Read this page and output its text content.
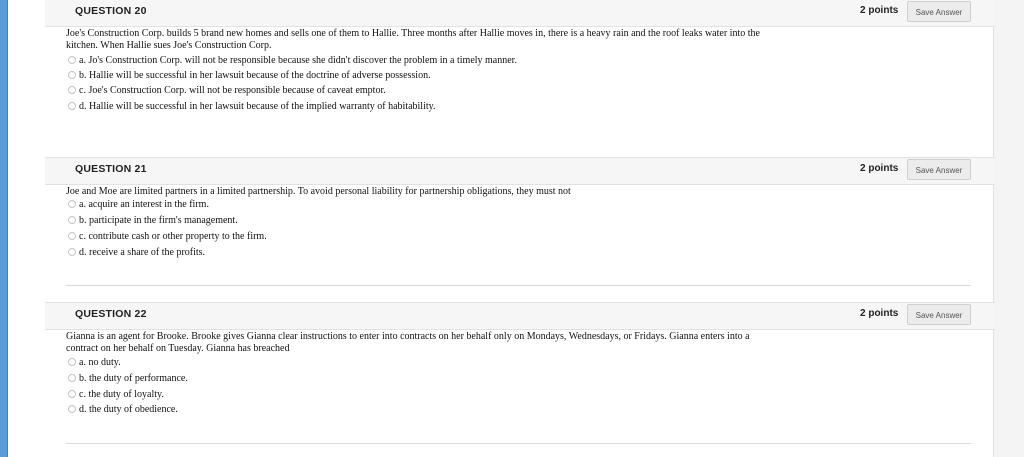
QUESTION 20	2 points	Save Answer
Joe's Construction Corp. builds 5 brand new homes and sells one of them to Hallie. Three months after Hallie moves in, there is a heavy rain and the roof leaks water into the kitchen. When Hallie sues Joe's Construction Corp.
a. Jo's Construction Corp. will not be responsible because she didn't discover the problem in a timely manner.
b. Hallie will be successful in her lawsuit because of the doctrine of adverse possession.
c. Joe's Construction Corp. will not be responsible because of caveat emptor.
d. Hallie will be successful in her lawsuit because of the implied warranty of habitability.
QUESTION 21	2 points	Save Answer
Joe and Moe are limited partners in a limited partnership. To avoid personal liability for partnership obligations, they must not
a. acquire an interest in the firm.
b. participate in the firm's management.
c. contribute cash or other property to the firm.
d. receive a share of the profits.
QUESTION 22	2 points	Save Answer
Gianna is an agent for Brooke. Brooke gives Gianna clear instructions to enter into contracts on her behalf only on Mondays, Wednesdays, or Fridays. Gianna enters into a contract on her behalf on Tuesday. Gianna has breached
a. no duty.
b. the duty of performance.
c. the duty of loyalty.
d. the duty of obedience.
